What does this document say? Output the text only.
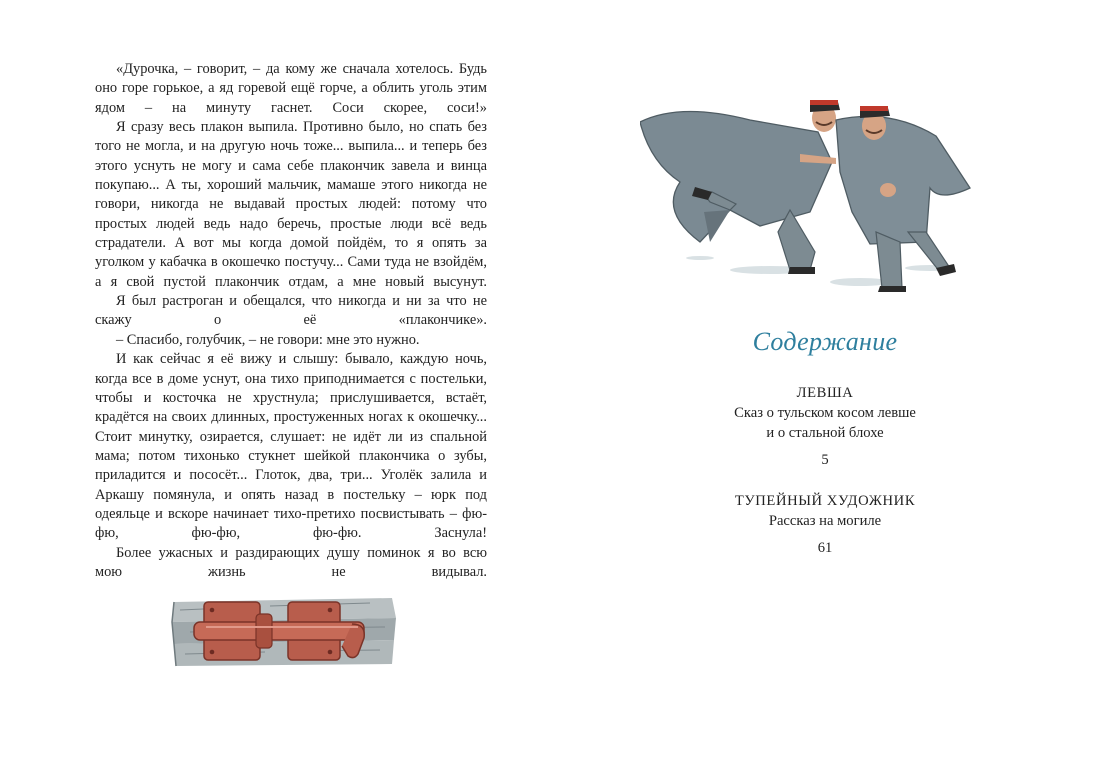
«Дурочка, – говорит, – да кому же сначала хотелось. Будь оно горе горькое, а яд горевой ещё горче, а облить уголь этим ядом – на минуту гаснет. Соси скорее, соси!»

Я сразу весь плакон выпила. Противно было, но спать без того не могла, и на другую ночь тоже... выпила... и теперь без этого уснуть не могу и сама себе плакончик завела и винца покупаю... А ты, хороший мальчик, мамаше этого никогда не говори, никогда не выдавай простых людей: потому что простых людей ведь надо беречь, простые люди всё ведь страдатели. А вот мы когда домой пойдём, то я опять за уголком у кабачка в окошечко постучу... Сами туда не взойдём, а я свой пустой плакончик отдам, а мне новый высунут.

Я был растроган и обещался, что никогда и ни за что не скажу о её «плакончике».

– Спасибо, голубчик, – не говори: мне это нужно.

И как сейчас я её вижу и слышу: бывало, каждую ночь, когда все в доме уснут, она тихо приподнимается с постельки, чтобы и косточка не хрустнула; прислушивается, встаёт, крадётся на своих длинных, простуженных ногах к окошечку... Стоит минутку, озирается, слушает: не идёт ли из спальной мама; потом тихонько стукнет шейкой плакончика о зубы, приладится и пососёт... Глоток, два, три... Уголёк залила и Аркашу помянула, и опять назад в постельку – юрк под одеяльце и вскоре начинает тихо-претихо посвистывать – фю-фю, фю-фю, фю-фю. Заснула!

Более ужасных и раздирающих душу поминок я во всю мою жизнь не видывал.

Содержание
ЛЕВША
Сказ о тульском косом левше
и о стальной блохе
5
ТУПЕЙНЫЙ ХУДОЖНИК
Рассказ на могиле
61
